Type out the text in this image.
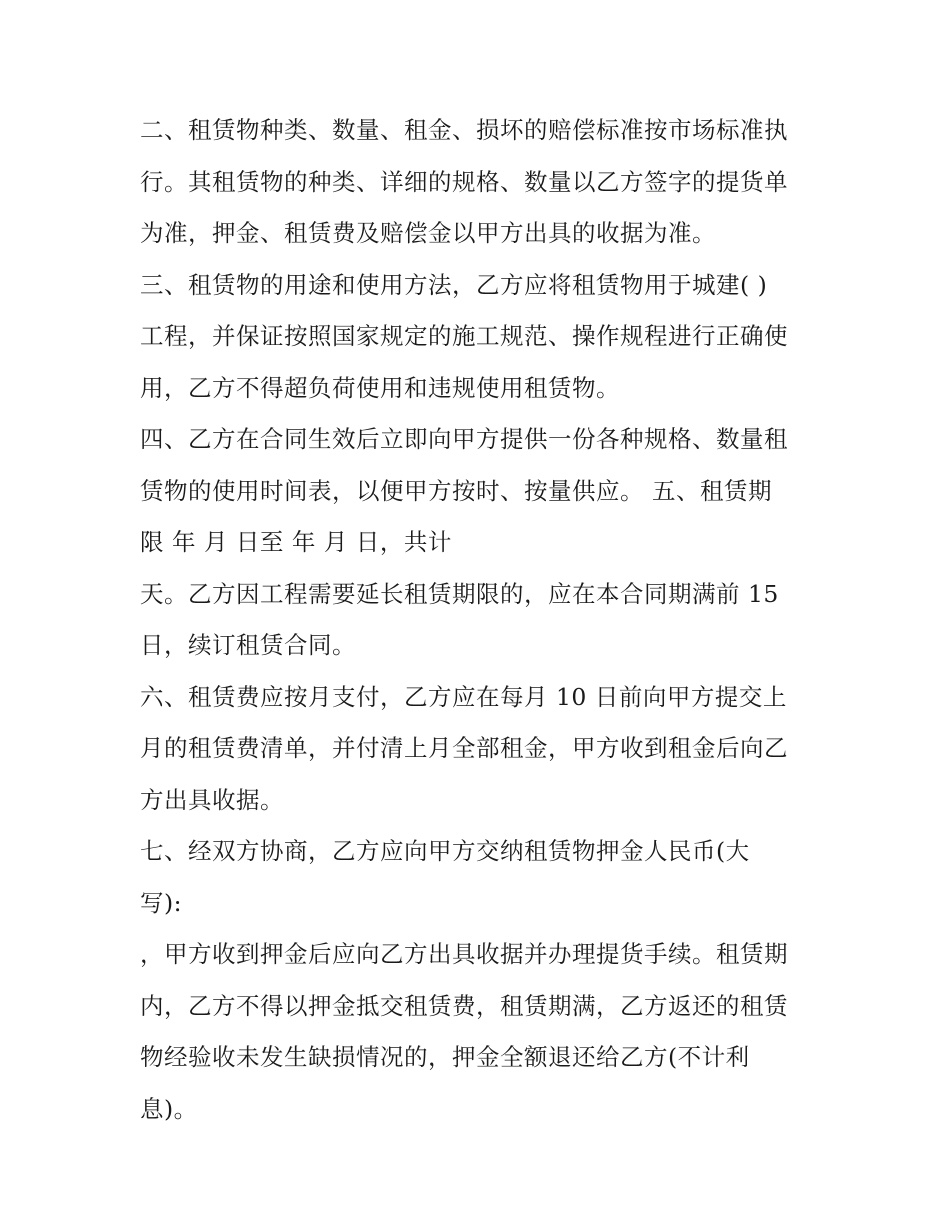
二、租赁物种类、数量、租金、损坏的赔偿标准按市场标准执
行。其租赁物的种类、详细的规格、数量以乙方签字的提货单
为准，押金、租赁费及赔偿金以甲方出具的收据为准。
三、租赁物的用途和使用方法，乙方应将租赁物用于城建( )
工程，并保证按照国家规定的施工规范、操作规程进行正确使
用，乙方不得超负荷使用和违规使用租赁物。
四、乙方在合同生效后立即向甲方提供一份各种规格、数量租
赁物的使用时间表，以便甲方按时、按量供应。 五、租赁期
限 年 月 日至 年 月 日，共计
天。乙方因工程需要延长租赁期限的，应在本合同期满前 15
日，续订租赁合同。
六、租赁费应按月支付，乙方应在每月 10 日前向甲方提交上
月的租赁费清单，并付清上月全部租金，甲方收到租金后向乙
方出具收据。
七、经双方协商，乙方应向甲方交纳租赁物押金人民币(大
写):
，甲方收到押金后应向乙方出具收据并办理提货手续。租赁期
内，乙方不得以押金抵交租赁费，租赁期满，乙方返还的租赁
物经验收未发生缺损情况的，押金全额退还给乙方(不计利
息)。
